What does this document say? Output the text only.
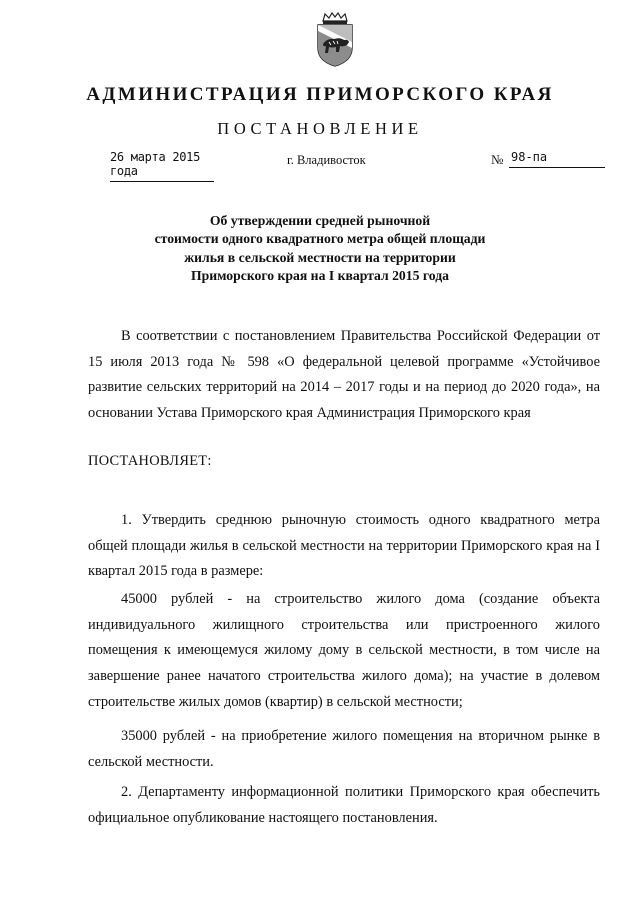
АДМИНИСТРАЦИЯ ПРИМОРСКОГО КРАЯ
ПОСТАНОВЛЕНИЕ
26 марта 2015 года
г. Владивосток	№ 98-па
Об утверждении средней рыночной
стоимости одного квадратного метра общей площади
жилья в сельской местности на территории
Приморского края на I квартал 2015 года
В соответствии с постановлением Правительства Российской Федерации от 15 июля 2013 года № 598 «О федеральной целевой программе «Устойчивое развитие сельских территорий на 2014 – 2017 годы и на период до 2020 года», на основании Устава Приморского края Администрация Приморского края
ПОСТАНОВЛЯЕТ:
1. Утвердить среднюю рыночную стоимость одного квадратного метра общей площади жилья в сельской местности на территории Приморского края на I квартал 2015 года в размере:
45000 рублей - на строительство жилого дома (создание объекта индивидуального жилищного строительства или пристроенного жилого помещения к имеющемуся жилому дому в сельской местности, в том числе на завершение ранее начатого строительства жилого дома); на участие в долевом строительстве жилых домов (квартир) в сельской местности;
35000 рублей - на приобретение жилого помещения на вторичном рынке в сельской местности.
2. Департаменту информационной политики Приморского края обеспечить официальное опубликование настоящего постановления.
